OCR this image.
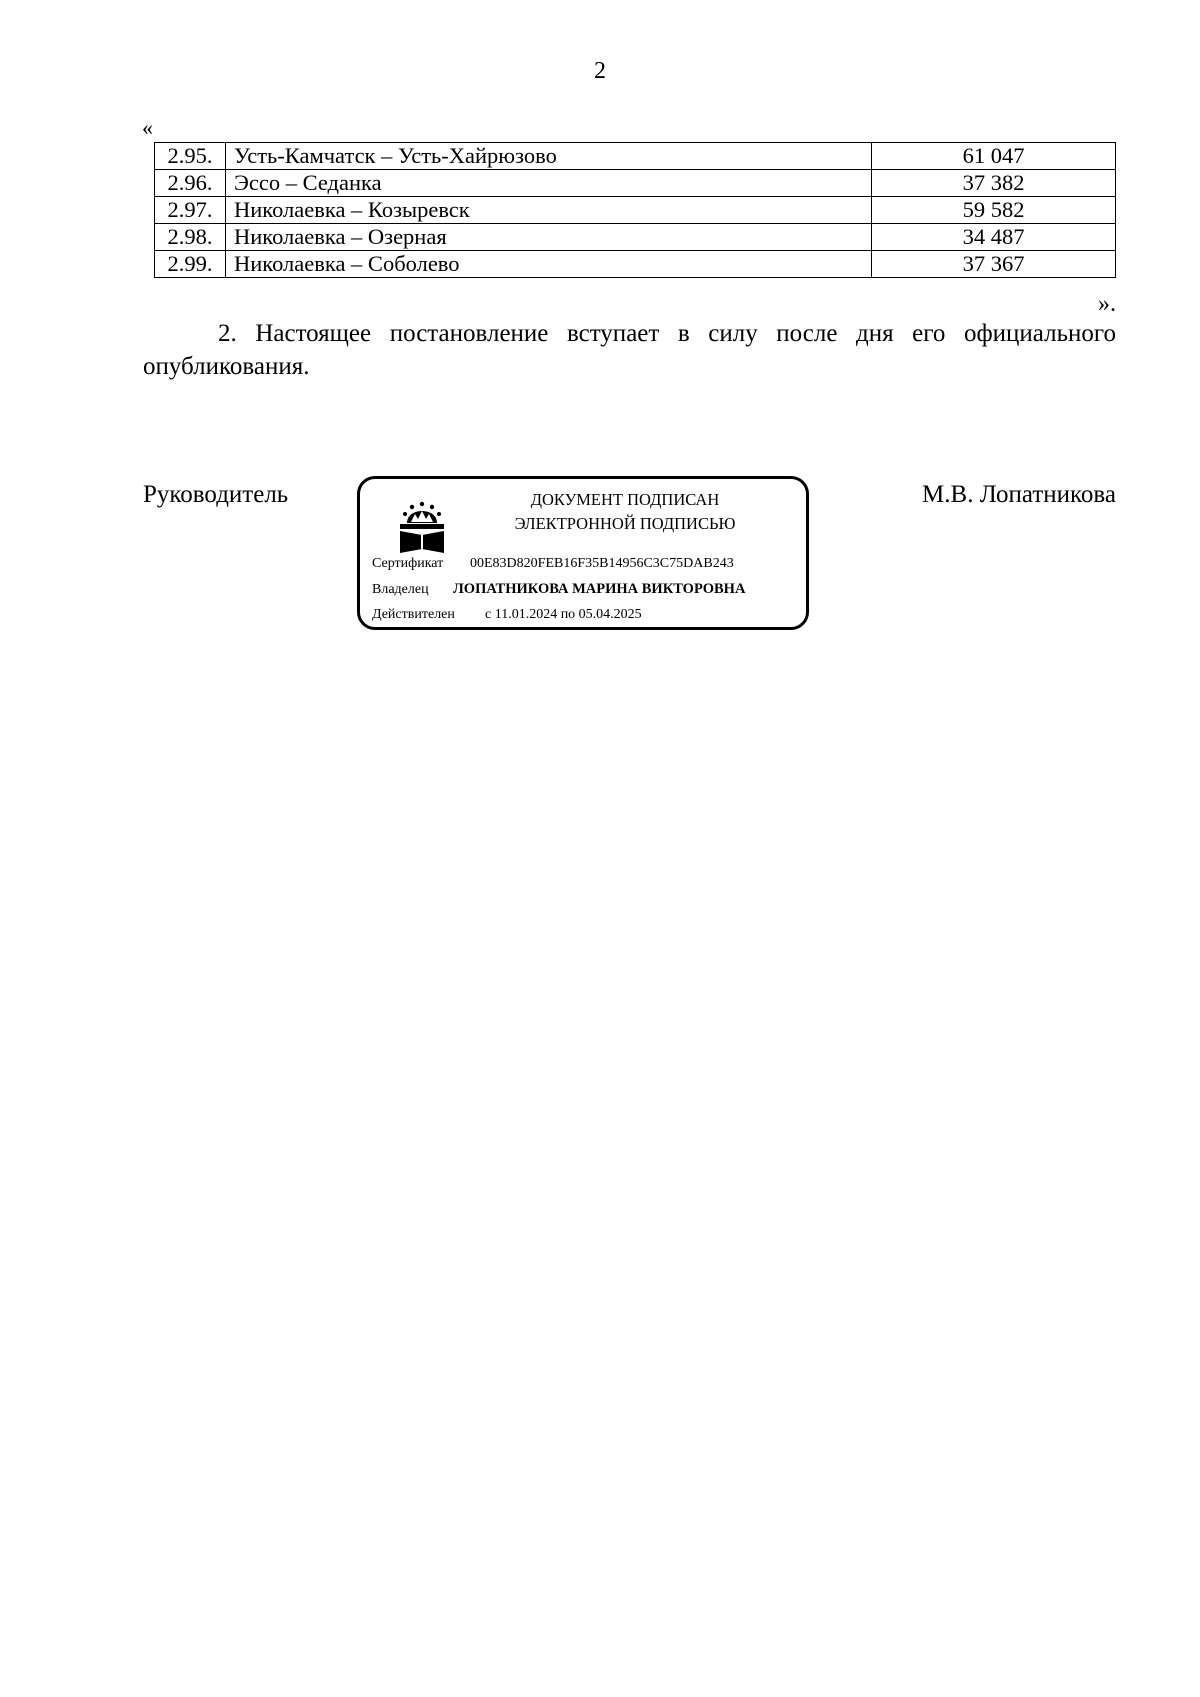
2
«
2.95.	Усть-Камчатск – Усть-Хайрюзово	61 047
2.96.	Эссо – Седанка	37 382
2.97.	Николаевка – Козыревск	59 582
2.98.	Николаевка – Озерная	34 487
2.99.	Николаевка – Соболево	37 367
».
2. Настоящее постановление вступает в силу после дня его официального опубликования.
Руководитель	ДОКУМЕНТ ПОДПИСАН
ЭЛЕКТРОННОЙ ПОДПИСЬЮ
Сертификат 00E83D820FEB16F35B14956C3C75DAB243
Владелец ЛОПАТНИКОВА МАРИНА ВИКТОРОВНА
Действителен с 11.01.2024 по 05.04.2025
М.В. Лопатникова
